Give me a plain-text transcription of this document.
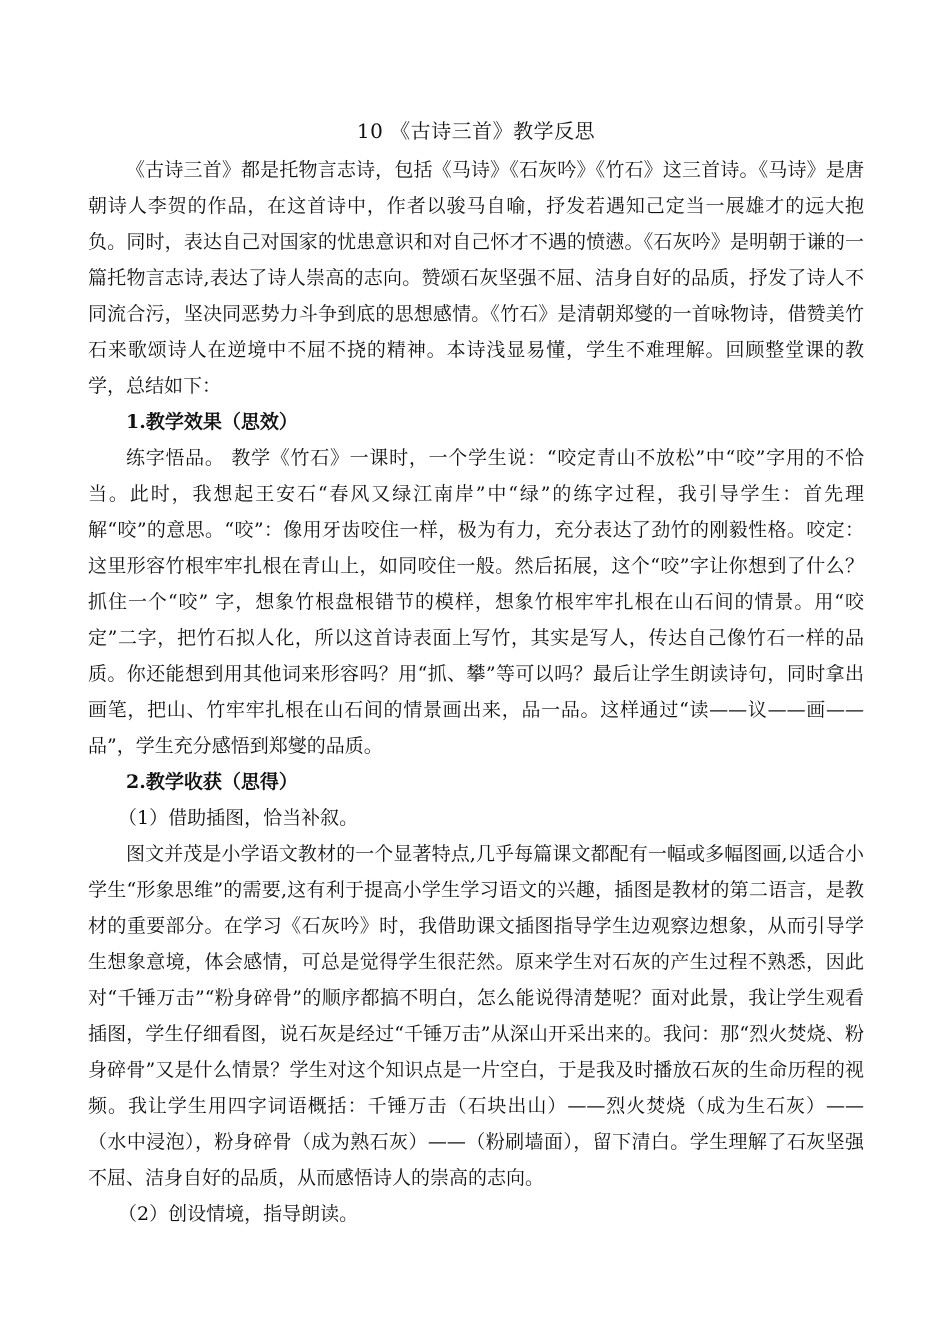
10 《古诗三首》教学反思

《古诗三首》都是托物言志诗，包括《马诗》《石灰吟》《竹石》这三首诗。《马诗》是唐朝诗人李贺的作品，在这首诗中，作者以骏马自喻，抒发若遇知己定当一展雄才的远大抱负。同时，表达自己对国家的忧患意识和对自己怀才不遇的愤懑。《石灰吟》是明朝于谦的一篇托物言志诗,表达了诗人崇高的志向。赞颂石灰坚强不屈、洁身自好的品质，抒发了诗人不同流合污，坚决同恶势力斗争到底的思想感情。《竹石》是清朝郑燮的一首咏物诗，借赞美竹石来歌颂诗人在逆境中不屈不挠的精神。本诗浅显易懂，学生不难理解。回顾整堂课的教学，总结如下：

1.教学效果（思效）

练字悟品。 教学《竹石》一课时，一个学生说：“咬定青山不放松”中“咬”字用的不恰当。此时，我想起王安石“春风又绿江南岸”中“绿”的练字过程，我引导学生：首先理解“咬”的意思。“咬”：像用牙齿咬住一样，极为有力，充分表达了劲竹的刚毅性格。咬定：这里形容竹根牢牢扎根在青山上，如同咬住一般。然后拓展，这个“咬”字让你想到了什么？抓住一个“咬” 字，想象竹根盘根错节的模样，想象竹根牢牢扎根在山石间的情景。用“咬定”二字，把竹石拟人化，所以这首诗表面上写竹，其实是写人，传达自己像竹石一样的品质。你还能想到用其他词来形容吗？用“抓、攀”等可以吗？最后让学生朗读诗句，同时拿出画笔，把山、竹牢牢扎根在山石间的情景画出来，品一品。这样通过“读——议——画——品”，学生充分感悟到郑燮的品质。

2.教学收获（思得）

（1）借助插图，恰当补叙。

图文并茂是小学语文教材的一个显著特点,几乎每篇课文都配有一幅或多幅图画,以适合小学生“形象思维”的需要,这有利于提高小学生学习语文的兴趣，插图是教材的第二语言，是教材的重要部分。在学习《石灰吟》时，我借助课文插图指导学生边观察边想象，从而引导学生想象意境，体会感情，可总是觉得学生很茫然。原来学生对石灰的产生过程不熟悉，因此对“千锤万击”“粉身碎骨”的顺序都搞不明白，怎么能说得清楚呢？面对此景，我让学生观看插图，学生仔细看图，说石灰是经过“千锤万击”从深山开采出来的。我问：那“烈火焚烧、粉身碎骨”又是什么情景？学生对这个知识点是一片空白，于是我及时播放石灰的生命历程的视频。我让学生用四字词语概括：千锤万击（石块出山）——烈火焚烧（成为生石灰）——（水中浸泡），粉身碎骨（成为熟石灰）——（粉刷墙面），留下清白。学生理解了石灰坚强不屈、洁身自好的品质，从而感悟诗人的崇高的志向。

（2）创设情境，指导朗读。
